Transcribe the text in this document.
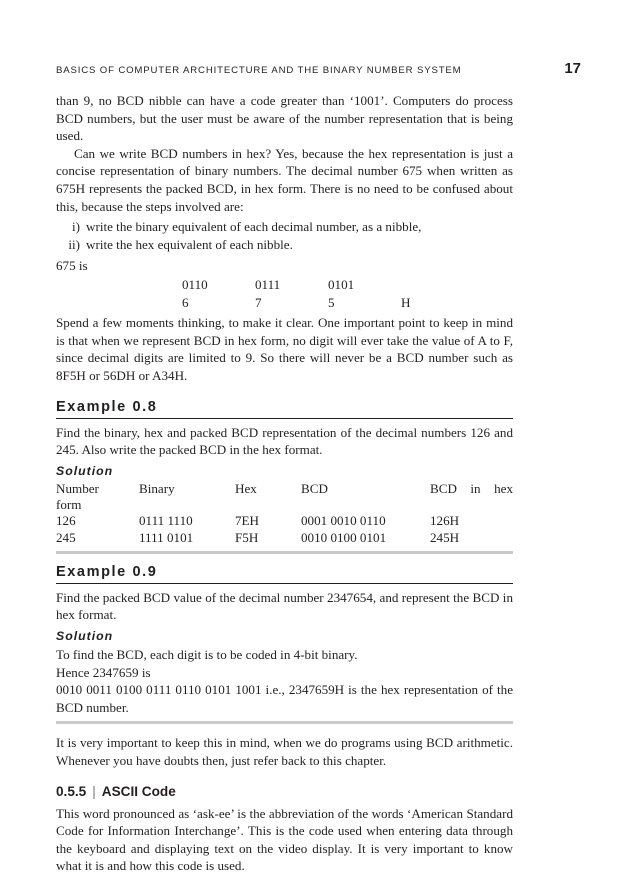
BASICS OF COMPUTER ARCHITECTURE AND THE BINARY NUMBER SYSTEM	17

than 9, no BCD nibble can have a code greater than ‘1001’. Computers do process BCD numbers, but the user must be aware of the number representation that is being used.

Can we write BCD numbers in hex? Yes, because the hex representation is just a concise representation of binary numbers. The decimal number 675 when written as 675H represents the packed BCD, in hex form. There is no need to be confused about this, because the steps involved are:

i) write the binary equivalent of each decimal number, as a nibble,
ii) write the hex equivalent of each nibble.

675 is

0110	0111	0101
6	7	5	H

Spend a few moments thinking, to make it clear. One important point to keep in mind is that when we represent BCD in hex form, no digit will ever take the value of A to F, since decimal digits are limited to 9. So there will never be a BCD number such as 8F5H or 56DH or A34H.

Example 0.8

Find the binary, hex and packed BCD representation of the decimal numbers 126 and 245. Also write the packed BCD in the hex format.

Solution
Number	Binary	Hex	BCD	BCD in hex

form				
126	0111 1110	7EH	0001 0010 0110	126H
245	1111 0101	F5H	0010 0100 0101	245H
Example 0.9

Find the packed BCD value of the decimal number 2347654, and represent the BCD in hex format.

Solution

To find the BCD, each digit is to be coded in 4-bit binary.

Hence 2347659 is

0010 0011 0100 0111 0110 0101 1001 i.e., 2347659H is the hex representation of the BCD number.

It is very important to keep this in mind, when we do programs using BCD arithmetic. Whenever you have doubts then, just refer back to this chapter.

0.5.5 | ASCII Code

This word pronounced as ‘ask-ee’ is the abbreviation of the words ‘American Standard Code for Information Interchange’. This is the code used when entering data through the keyboard and displaying text on the video display. It is very important to know what it is and how this code is used.
